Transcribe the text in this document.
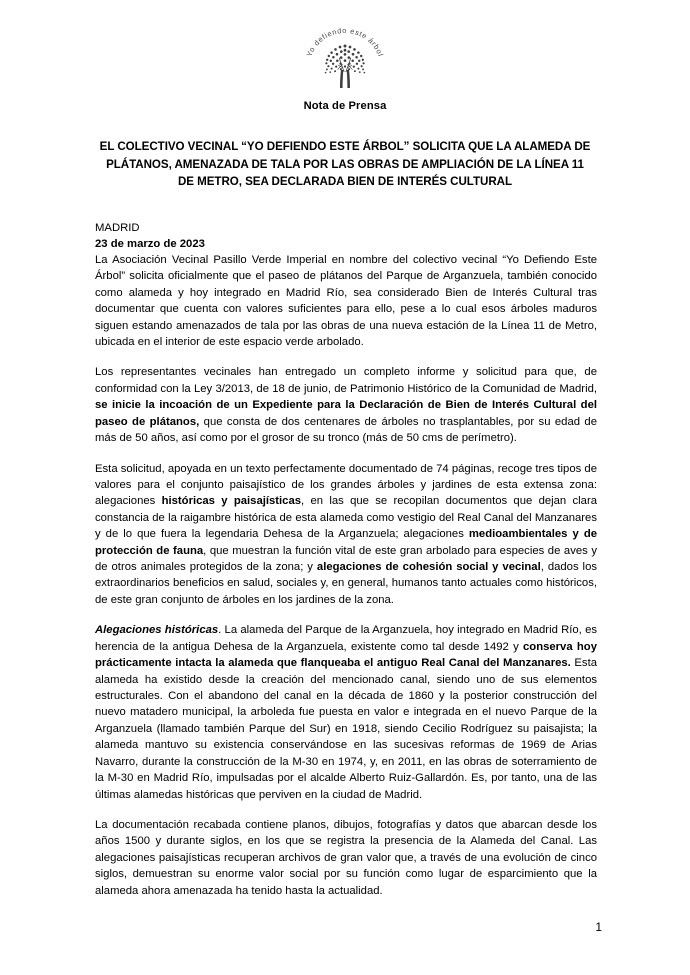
Yo defiendo este árbol
Nota de Prensa
EL COLECTIVO VECINAL “YO DEFIENDO ESTE ÁRBOL” SOLICITA QUE LA ALAMEDA DE PLÁTANOS, AMENAZADA DE TALA POR LAS OBRAS DE AMPLIACIÓN DE LA LÍNEA 11 DE METRO, SEA DECLARADA BIEN DE INTERÉS CULTURAL
MADRID
23 de marzo de 2023

La Asociación Vecinal Pasillo Verde Imperial en nombre del colectivo vecinal “Yo Defiendo Este Árbol” solicita oficialmente que el paseo de plátanos del Parque de Arganzuela, también conocido como alameda y hoy integrado en Madrid Río, sea considerado Bien de Interés Cultural tras documentar que cuenta con valores suficientes para ello, pese a lo cual esos árboles maduros siguen estando amenazados de tala por las obras de una nueva estación de la Línea 11 de Metro, ubicada en el interior de este espacio verde arbolado.

Los representantes vecinales han entregado un completo informe y solicitud para que, de conformidad con la Ley 3/2013, de 18 de junio, de Patrimonio Histórico de la Comunidad de Madrid, se inicie la incoación de un Expediente para la Declaración de Bien de Interés Cultural del paseo de plátanos, que consta de dos centenares de árboles no trasplantables, por su edad de más de 50 años, así como por el grosor de su tronco (más de 50 cms de perímetro).

Esta solicitud, apoyada en un texto perfectamente documentado de 74 páginas, recoge tres tipos de valores para el conjunto paisajístico de los grandes árboles y jardines de esta extensa zona: alegaciones históricas y paisajísticas, en las que se recopilan documentos que dejan clara constancia de la raigambre histórica de esta alameda como vestigio del Real Canal del Manzanares y de lo que fuera la legendaria Dehesa de la Arganzuela; alegaciones medioambientales y de protección de fauna, que muestran la función vital de este gran arbolado para especies de aves y de otros animales protegidos de la zona; y alegaciones de cohesión social y vecinal, dados los extraordinarios beneficios en salud, sociales y, en general, humanos tanto actuales como históricos, de este gran conjunto de árboles en los jardines de la zona.

Alegaciones históricas. La alameda del Parque de la Arganzuela, hoy integrado en Madrid Río, es herencia de la antigua Dehesa de la Arganzuela, existente como tal desde 1492 y conserva hoy prácticamente intacta la alameda que flanqueaba el antiguo Real Canal del Manzanares. Esta alameda ha existido desde la creación del mencionado canal, siendo uno de sus elementos estructurales. Con el abandono del canal en la década de 1860 y la posterior construcción del nuevo matadero municipal, la arboleda fue puesta en valor e integrada en el nuevo Parque de la Arganzuela (llamado también Parque del Sur) en 1918, siendo Cecilio Rodríguez su paisajista; la alameda mantuvo su existencia conservándose en las sucesivas reformas de 1969 de Arias Navarro, durante la construcción de la M-30 en 1974, y, en 2011, en las obras de soterramiento de la M-30 en Madrid Río, impulsadas por el alcalde Alberto Ruiz-Gallardón. Es, por tanto, una de las últimas alamedas históricas que perviven en la ciudad de Madrid.

La documentación recabada contiene planos, dibujos, fotografías y datos que abarcan desde los años 1500 y durante siglos, en los que se registra la presencia de la Alameda del Canal. Las alegaciones paisajísticas recuperan archivos de gran valor que, a través de una evolución de cinco siglos, demuestran su enorme valor social por su función como lugar de esparcimiento que la alameda ahora amenazada ha tenido hasta la actualidad.

1
